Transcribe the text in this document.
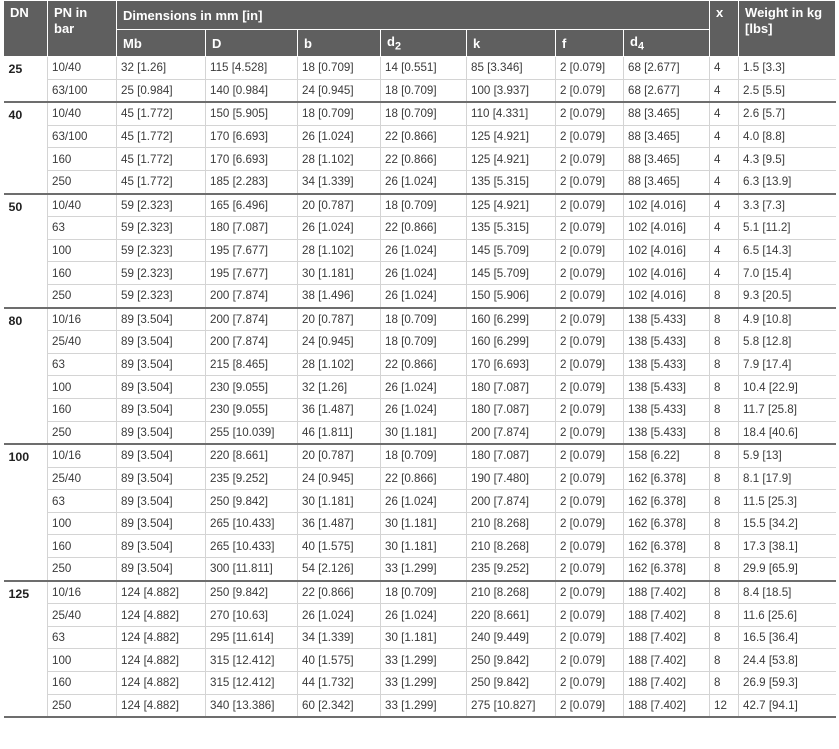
DN	PN in bar	Dimensions in mm [in]							x	Weight in kg [lbs]
		Mb	D	b	$d_2$	k	f	$d_4$
25	10/40	32 [1.26]	115 [4.528]	18 [0.709]	14 [0.551]	85 [3.346]	2 [0.079]	68 [2.677]	4	1.5 [3.3]
	63/100	25 [0.984]	140 [0.984]	24 [0.945]	18 [0.709]	100 [3.937]	2 [0.079]	68 [2.677]	4	2.5 [5.5]
40	10/40	45 [1.772]	150 [5.905]	18 [0.709]	18 [0.709]	110 [4.331]	2 [0.079]	88 [3.465]	4	2.6 [5.7]
	63/100	45 [1.772]	170 [6.693]	26 [1.024]	22 [0.866]	125 [4.921]	2 [0.079]	88 [3.465]	4	4.0 [8.8]
	160	45 [1.772]	170 [6.693]	28 [1.102]	22 [0.866]	125 [4.921]	2 [0.079]	88 [3.465]	4	4.3 [9.5]
	250	45 [1.772]	185 [2.283]	34 [1.339]	26 [1.024]	135 [5.315]	2 [0.079]	88 [3.465]	4	6.3 [13.9]
50	10/40	59 [2.323]	165 [6.496]	20 [0.787]	18 [0.709]	125 [4.921]	2 [0.079]	102 [4.016]	4	3.3 [7.3]
	63	59 [2.323]	180 [7.087]	26 [1.024]	22 [0.866]	135 [5.315]	2 [0.079]	102 [4.016]	4	5.1 [11.2]
	100	59 [2.323]	195 [7.677]	28 [1.102]	26 [1.024]	145 [5.709]	2 [0.079]	102 [4.016]	4	6.5 [14.3]
	160	59 [2.323]	195 [7.677]	30 [1.181]	26 [1.024]	145 [5.709]	2 [0.079]	102 [4.016]	4	7.0 [15.4]
	250	59 [2.323]	200 [7.874]	38 [1.496]	26 [1.024]	150 [5.906]	2 [0.079]	102 [4.016]	8	9.3 [20.5]
80	10/16	89 [3.504]	200 [7.874]	20 [0.787]	18 [0.709]	160 [6.299]	2 [0.079]	138 [5.433]	8	4.9 [10.8]
	25/40	89 [3.504]	200 [7.874]	24 [0.945]	18 [0.709]	160 [6.299]	2 [0.079]	138 [5.433]	8	5.8 [12.8]
	63	89 [3.504]	215 [8.465]	28 [1.102]	22 [0.866]	170 [6.693]	2 [0.079]	138 [5.433]	8	7.9 [17.4]
	100	89 [3.504]	230 [9.055]	32 [1.26]	26 [1.024]	180 [7.087]	2 [0.079]	138 [5.433]	8	10.4 [22.9]
	160	89 [3.504]	230 [9.055]	36 [1.487]	26 [1.024]	180 [7.087]	2 [0.079]	138 [5.433]	8	11.7 [25.8]
	250	89 [3.504]	255 [10.039]	46 [1.811]	30 [1.181]	200 [7.874]	2 [0.079]	138 [5.433]	8	18.4 [40.6]
100	10/16	89 [3.504]	220 [8.661]	20 [0.787]	18 [0.709]	180 [7.087]	2 [0.079]	158 [6.22]	8	5.9 [13]
	25/40	89 [3.504]	235 [9.252]	24 [0.945]	22 [0.866]	190 [7.480]	2 [0.079]	162 [6.378]	8	8.1 [17.9]
	63	89 [3.504]	250 [9.842]	30 [1.181]	26 [1.024]	200 [7.874]	2 [0.079]	162 [6.378]	8	11.5 [25.3]
	100	89 [3.504]	265 [10.433]	36 [1.487]	30 [1.181]	210 [8.268]	2 [0.079]	162 [6.378]	8	15.5 [34.2]
	160	89 [3.504]	265 [10.433]	40 [1.575]	30 [1.181]	210 [8.268]	2 [0.079]	162 [6.378]	8	17.3 [38.1]
	250	89 [3.504]	300 [11.811]	54 [2.126]	33 [1.299]	235 [9.252]	2 [0.079]	162 [6.378]	8	29.9 [65.9]
125	10/16	124 [4.882]	250 [9.842]	22 [0.866]	18 [0.709]	210 [8.268]	2 [0.079]	188 [7.402]	8	8.4 [18.5]
	25/40	124 [4.882]	270 [10.63]	26 [1.024]	26 [1.024]	220 [8.661]	2 [0.079]	188 [7.402]	8	11.6 [25.6]
	63	124 [4.882]	295 [11.614]	34 [1.339]	30 [1.181]	240 [9.449]	2 [0.079]	188 [7.402]	8	16.5 [36.4]
	100	124 [4.882]	315 [12.412]	40 [1.575]	33 [1.299]	250 [9.842]	2 [0.079]	188 [7.402]	8	24.4 [53.8]
	160	124 [4.882]	315 [12.412]	44 [1.732]	33 [1.299]	250 [9.842]	2 [0.079]	188 [7.402]	8	26.9 [59.3]
	250	124 [4.882]	340 [13.386]	60 [2.342]	33 [1.299]	275 [10.827]	2 [0.079]	188 [7.402]	12	42.7 [94.1]
